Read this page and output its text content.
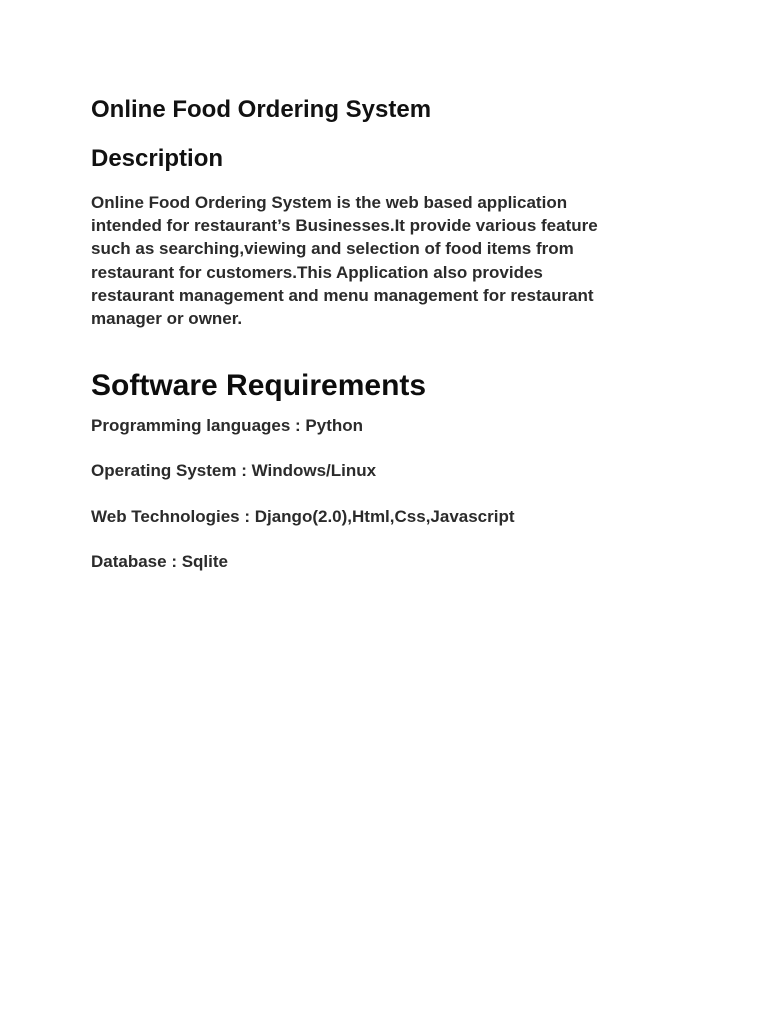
Online Food Ordering System
Description
Online Food Ordering System is the web based application
intended for restaurant’s Businesses.It provide various feature
such as searching,viewing and selection of food items from
restaurant for customers.This Application also provides
restaurant management and menu management for restaurant
manager or owner.
Software Requirements

Programming languages : Python

Operating System : Windows/Linux

Web Technologies : Django(2.0),Html,Css,Javascript

Database : Sqlite
